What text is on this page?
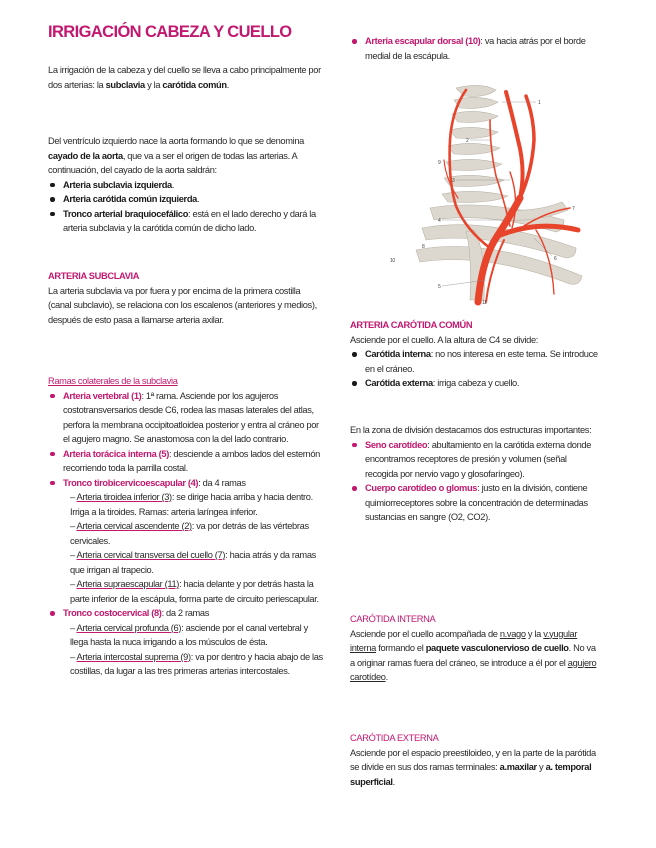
IRRIGACIÓN CABEZA Y CUELLO

La irrigación de la cabeza y del cuello se lleva a cabo principalmente por dos arterias: la subclavia y la carótida común.

Del ventrículo izquierdo nace la aorta formando lo que se denomina cayado de la aorta, que va a ser el origen de todas las arterias. A continuación, del cayado de la aorta saldrán:

Arteria subclavia izquierda.
Arteria carótida común izquierda.
Tronco arterial braquiocefálico: está en el lado derecho y dará la arteria subclavia y la carótida común de dicho lado.

ARTERIA SUBCLAVIA

La arteria subclavia va por fuera y por encima de la primera costilla (canal subclavio), se relaciona con los escalenos (anteriores y medios), después de esto pasa a llamarse arteria axilar.

Ramas colaterales de la subclavia

Arteria vertebral (1): 1ª rama. Asciende por los agujeros costotransversarios desde C6, rodea las masas laterales del atlas, perfora la membrana occipitoatloidea posterior y entra al cráneo por el agujero magno. Se anastomosa con la del lado contrario.
Arteria torácica interna (5): desciende a ambos lados del esternón recorriendo toda la parrilla costal.
Tronco tirobicervicoescapular (4): da 4 ramas

– Arteria tiroidea inferior (3): se dirige hacia arriba y hacia dentro. Irriga a la tiroides. Ramas: arteria laríngea inferior.

– Arteria cervical ascendente (2): va por detrás de las vértebras cervicales.

– Arteria cervical transversa del cuello (7): hacia atrás y da ramas que irrigan al trapecio.

– Arteria supraescapular (11): hacia delante y por detrás hasta la parte inferior de la escápula, forma parte de circuito periescapular.

Tronco costocervical (8): da 2 ramas

– Arteria cervical profunda (6): asciende por el canal vertebral y llega hasta la nuca irrigando a los músculos de ésta.

– Arteria intercostal suprema (9): va por dentro y hacia abajo de las costillas, da lugar a las tres primeras arterias intercostales.

Arteria escapular dorsal (10): va hacia atrás por el borde medial de la escápula.

ARTERIA CARÓTIDA COMÚN

Asciende por el cuello. A la altura de C4 se divide:

Carótida interna: no nos interesa en este tema. Se introduce en el cráneo.
Carótida externa: irriga cabeza y cuello.

En la zona de división destacamos dos estructuras importantes:

Seno carotídeo: abultamiento en la carótida externa donde encontramos receptores de presión y volumen (señal recogida por nervio vago y glosofaríngeo).
Cuerpo carotídeo o glomus: justo en la división, contiene quimiorreceptores sobre la concentración de determinadas sustancias en sangre (O2, CO2).

CARÓTIDA INTERNA

Asciende por el cuello acompañada de n.vago y la v.yugular interna formando el paquete vasculonervioso de cuello. No va a originar ramas fuera del cráneo, se introduce a él por el agujero carotídeo.

CARÓTIDA EXTERNA

Asciende por el espacio preestiloideo, y en la parte de la parótida se divide en sus dos ramas terminales: a.maxilar y a. temporal superficial.

1
2
3
4
5
6
7
8
9
10
11
